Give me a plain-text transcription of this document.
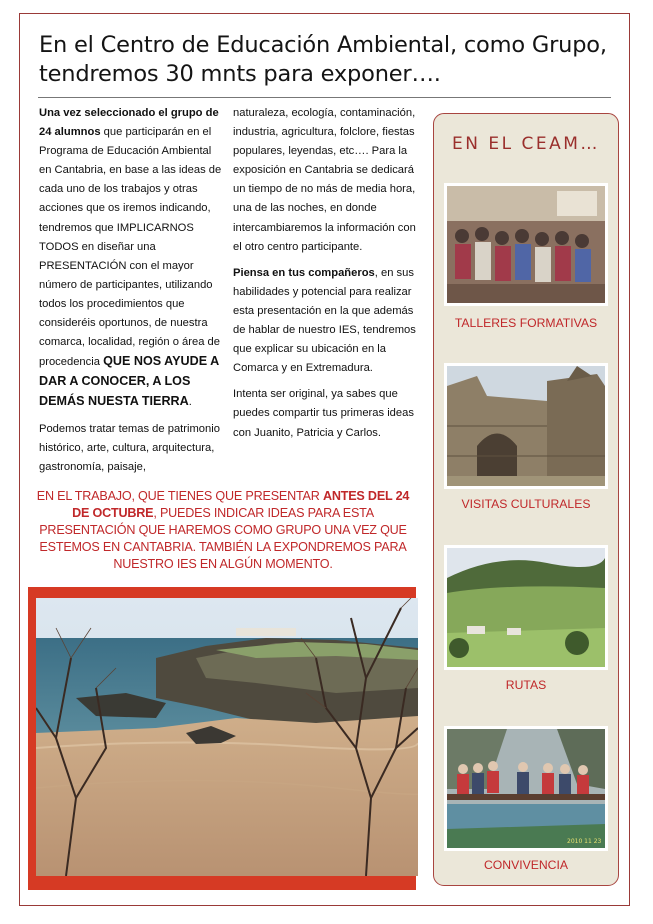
En el Centro de Educación Ambiental, como Grupo,
tendremos 30 mnts para exponer….

Una vez seleccionado el grupo de 24 alumnos que participarán en el Programa de Educación Ambiental en Cantabria, en base a las ideas de cada uno de los trabajos y otras acciones que os iremos indicando, tendremos que IMPLICARNOS TODOS en diseñar una PRESENTACIÓN con el mayor número de participantes, utilizando todos los procedimientos que consideréis oportunos, de nuestra comarca, localidad, región o área de procedencia QUE NOS AYUDE A DAR A CONOCER, A LOS DEMÁS NUESTA TIERRA.

Podemos tratar temas de patrimonio histórico, arte, cultura, arquitectura, gastronomía, paisaje,

naturaleza, ecología, contaminación, industria, agricultura, folclore, fiestas populares, leyendas, etc…. Para la exposición en Cantabria se dedicará un tiempo de no más de media hora, una de las noches, en donde intercambiaremos la información con el otro centro participante.

Piensa en tus compañeros, en sus habilidades y potencial para realizar esta presentación en la que además de hablar de nuestro IES, tendremos que explicar su ubicación en la Comarca y en Extremadura.

Intenta ser original, ya sabes que puedes compartir tus primeras ideas con Juanito, Patricia y Carlos.

EN EL TRABAJO, QUE TIENES QUE PRESENTAR ANTES DEL 24 DE OCTUBRE, PUEDES INDICAR IDEAS PARA ESTA PRESENTACIÓN QUE HAREMOS COMO GRUPO UNA VEZ QUE ESTEMOS EN CANTABRIA. TAMBIÉN LA EXPONDREMOS PARA NUESTRO IES EN ALGÚN MOMENTO.
EN EL CEAM…
TALLERES FORMATIVAS
VISITAS CULTURALES
RUTAS
2010 11 23
CONVIVENCIA
